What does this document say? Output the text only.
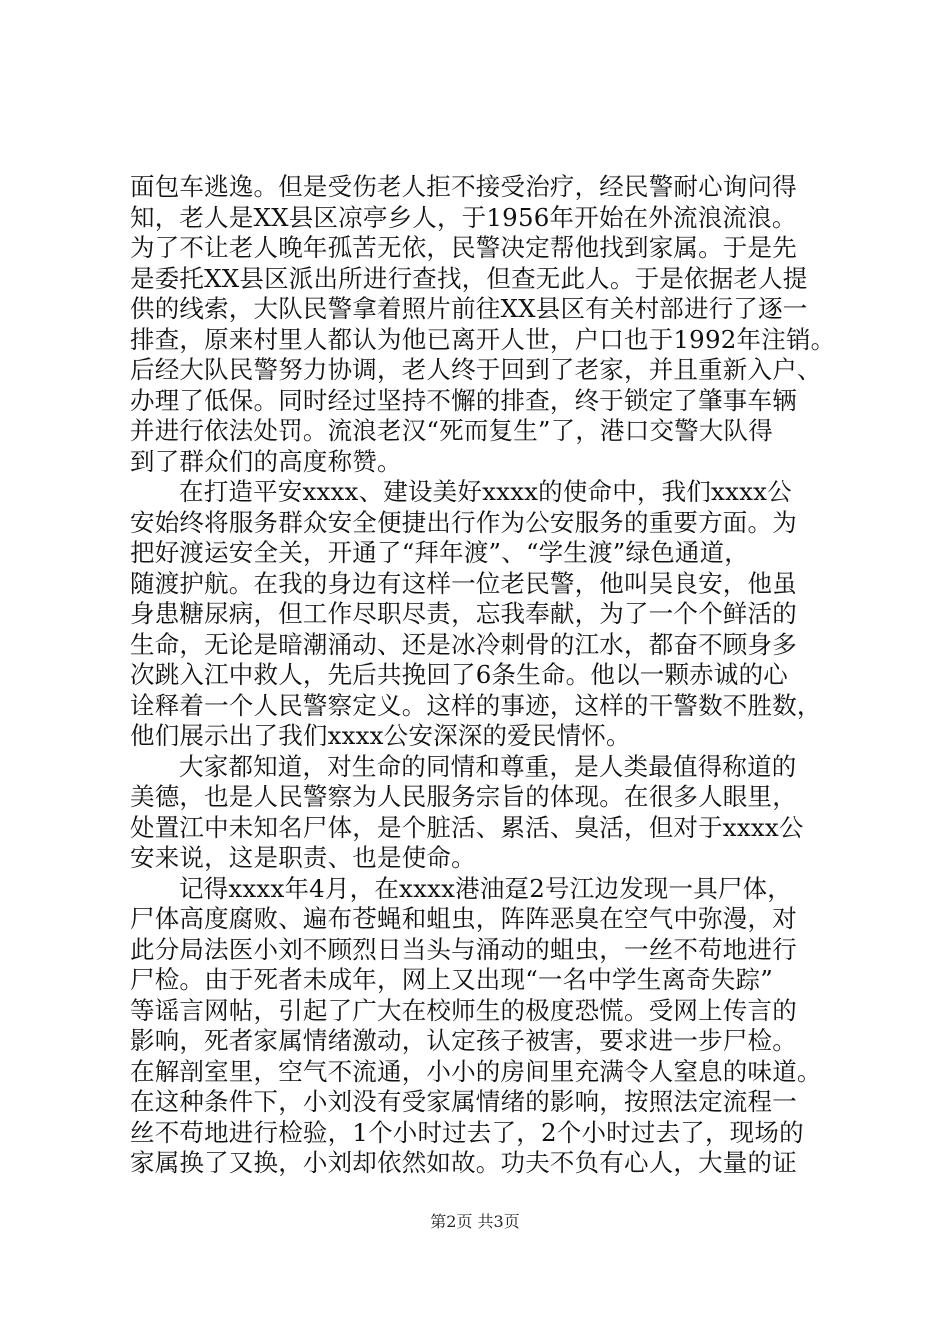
面包车逃逸。但是受伤老人拒不接受治疗，经民警耐心询问得
知，老人是XX县区凉亭乡人，于1956年开始在外流浪流浪。
为了不让老人晚年孤苦无依，民警决定帮他找到家属。于是先
是委托XX县区派出所进行查找，但查无此人。于是依据老人提
供的线索，大队民警拿着照片前往XX县区有关村部进行了逐一
排查，原来村里人都认为他已离开人世，户口也于1992年注销。
后经大队民警努力协调，老人终于回到了老家，并且重新入户、
办理了低保。同时经过坚持不懈的排查，终于锁定了肇事车辆
并进行依法处罚。流浪老汉“死而复生”了，港口交警大队得
到了群众们的高度称赞。
在打造平安xxxx、建设美好xxxx的使命中，我们xxxx公
安始终将服务群众安全便捷出行作为公安服务的重要方面。为
把好渡运安全关，开通了“拜年渡”、“学生渡”绿色通道，
随渡护航。在我的身边有这样一位老民警，他叫吴良安，他虽
身患糖尿病，但工作尽职尽责，忘我奉献，为了一个个鲜活的
生命，无论是暗潮涌动、还是冰冷刺骨的江水，都奋不顾身多
次跳入江中救人，先后共挽回了6条生命。他以一颗赤诚的心
诠释着一个人民警察定义。这样的事迹，这样的干警数不胜数，
他们展示出了我们xxxx公安深深的爱民情怀。
大家都知道，对生命的同情和尊重，是人类最值得称道的
美德，也是人民警察为人民服务宗旨的体现。在很多人眼里，
处置江中未知名尸体，是个脏活、累活、臭活，但对于xxxx公
安来说，这是职责、也是使命。
记得xxxx年4月，在xxxx港油趸2号江边发现一具尸体，
尸体高度腐败、遍布苍蝇和蛆虫，阵阵恶臭在空气中弥漫，对
此分局法医小刘不顾烈日当头与涌动的蛆虫，一丝不苟地进行
尸检。由于死者未成年，网上又出现“一名中学生离奇失踪”
等谣言网帖，引起了广大在校师生的极度恐慌。受网上传言的
影响，死者家属情绪激动，认定孩子被害，要求进一步尸检。
在解剖室里，空气不流通，小小的房间里充满令人窒息的味道。
在这种条件下，小刘没有受家属情绪的影响，按照法定流程一
丝不苟地进行检验，1个小时过去了，2个小时过去了，现场的
家属换了又换，小刘却依然如故。功夫不负有心人，大量的证
第2页 共3页
